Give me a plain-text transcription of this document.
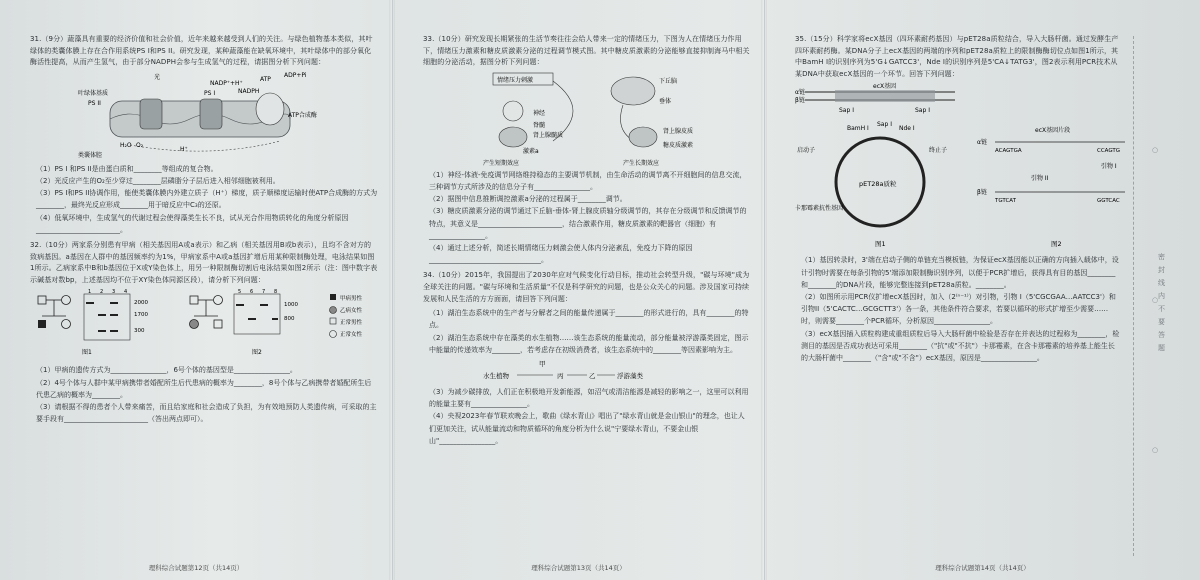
31.（9分）蔬藻具有重要的经济价值和社会价值，近年来越来越受到人们的关注。与绿色植物基本类似，其叶绿体的类囊体膜上存在合作用系统PS I和PS II。研究发现，某种蔬藻能在缺氧环境中，其叶绿体中的部分氧化酶活性提高，从而产生氢气，由于部分NADPH会参与生成氢气的过程，请据图分析下列问题：
叶绿体基质
光
PS II
PS I
NADP⁺+H⁺
NADPH
ATP
ADP+Pi
ATP合成酶
类囊体腔
H₂O O₂
H⁺
（1）PS I 和PS II是由蛋白质和________等组成的复合物。
（2）光反应产生的O₂至少穿过________层磷脂分子层后进入相邻细胞被利用。
（3）PS I和PS II协调作用，能使类囊体膜内外建立质子（H⁺）梯度，质子顺梯度运输时使ATP合成酶的方式为________，最终光反应形成________用于暗反应中C₃的还原。
（4）低氧环境中，生成氢气的代谢过程会使得藻类生长不良，试从光合作用物质转化的角度分析原因________________________。
32.（10分）两家系分别患有甲病（相关基因用A或a表示）和乙病（相关基因用B或b表示），且均不含对方的致病基因。a基因在人群中的基因频率约为1%，甲病家系中A或a基因扩增后用某种限制酶处理，电泳结果如图1所示。乙病家系中B和b基因位于X或Y染色体上，用另一种限制酶切割后电泳结果如图2所示（注：图中数字表示碱基对数bp，上述基因均不位于XY染色体同源区段），请分析下列问题：
1 2 3 4
2000
1700
300
图1
5 6 7 8
1000
800
图2
甲病男性
乙病女性
正常男性
正常女性
（1）甲病的遗传方式为________________，6号个体的基因型是________________。
（2）4号个体与人群中某甲病携带者婚配所生后代患病的概率为________，8号个体与乙病携带者婚配所生后代患乙病的概率为________。
（3）请根据不得的患者个人带来痛苦，而且给家庭和社会造成了负担，为有效地预防人类遗传病，可采取的主要手段有________________________（答出两点即可）。
理科综合试题第12页（共14页）
33.（10分）研究发现长期紧张的生活节奏往往会给人带来一定的情绪压力，下图为人在情绪压力作用下，情绪压力激素和糖皮质激素分泌的过程调节模式图。其中糖皮质激素的分泌能够直接抑制海马中相关细胞的分泌活动，据图分析下列问题：
情绪压力刺激	下丘脑
垂体
神经
脊髓
肾上腺髓质
肾上腺皮质
激素a
糖皮质激素
产生短期效应	产生长期效应
（1）神经-体液-免疫调节网络维持稳态的主要调节机制，由生命活动的调节离不开细胞间的信息交流，三种调节方式所涉及的信息分子有________________。
（2）据图中信息推断调控激素a分泌的过程属于________调节。
（3）糖皮质激素分泌的调节通过下丘脑-垂体-肾上腺皮质轴分级调节的，其存在分级调节和反馈调节的特点，其意义是________________________，结合激素作用，糖皮质激素的靶器官（细胞）有________________。
（4）通过上述分析，简述长期情绪压力刺激会使人体内分泌紊乱，免疫力下降的原因________________________________。
34.（10分）2015年，我国提出了2030年应对气候变化行动目标，推动社会转型升级，"碳与环境"成为全球关注的问题。"碳与环境和生活质量"不仅是科学研究的问题，也是公众关心的问题。涉及国家可持续发展和人民生活的方方面面，请回答下列问题：
（1）湖泊生态系统中的生产者与分解者之间的能量传递属于________的形式进行的，具有________的特点。
（2）湖泊生态系统中存在藻类的水生植物……该生态系统的能量流动，部分能量被浮游藻类固定，图示中能量的传递效率为________，若考虑存在初级消费者，该生态系统中的________等因素影响为主。
水生植物
甲
丙	乙	浮游藻类
（3）为减少碳排放，人们正在积极地开发新能源，如沼气或清洁能源是减轻的影响之一，这里可以利用的能量主要有________________。
（4）央视2023年春节联欢晚会上，歌曲《绿水青山》唱出了"绿水青山就是金山银山"的理念，也让人们更加关注，试从能量流动和物质循环的角度分析为什么说"宁要绿水青山，不要金山银山"________________。
理科综合试题第13页（共14页）
35.（15分）科学家将ecX基因（四环素耐药基因）与pET28a质粒结合，导入大肠杆菌。通过发酵生产四环素耐药酶。某DNA分子上ecX基因的两端的序列和pET28a质粒上的限制酶酶切位点如图1所示，其中BamH I的识别序列为5'G↓GATCC3'，Nde I的识别序列是5'CA↓TATG3'，图2表示利用PCR技术从某DNA中获取ecX基因的一个环节。回答下列问题：
α链
β链
ecX基因
Sap I	Sap I
BamH I
Sap I
Nde I
启动子	终止子
pET28a质粒
卡那霉素抗性基因
图1
ecX基因片段
α链
β链
ACAGTGA	CCAGTG
引物 I
引物 II
TGTCAT	GGTCAC
图2
（1）基因转录时，3'端在启动子侧的单链充当模板链，为保证ecX基因能以正确的方向插入载体中，设计引物时需要在每条引物的5'端添加限制酶识别序列，以便于PCR扩增后，获得具有目的基因________和________的DNA片段，能够完整连接到pET28a质粒。________。
（2）如图所示用PCR仪扩增ecX基因时，加入（2⁽ⁿ⁻¹⁾）对引物，引物 I（5'CGCGAA…AATCC3'）和引物II（5'CACTC…GCGCTT3'）各一条，其他条件符合要求，若要以循环的形式扩增至少需要……时，则需要________个PCR循环，分析原因________________。
（3）ecX基因插入质粒构建成重组质粒后导入大肠杆菌中检验是否存在并表达的过程称为________，检测目的基因是否成功表达可采用________（"抗"或"不抗"）卡那霉素，在含卡那霉素的培养基上能生长的大肠杆菌中________（"含"或"不含"）ecX基因，原因是________________。
理科综合试题第14页（共14页）
○
○
○
密 封 线 内 不 要 答 题
